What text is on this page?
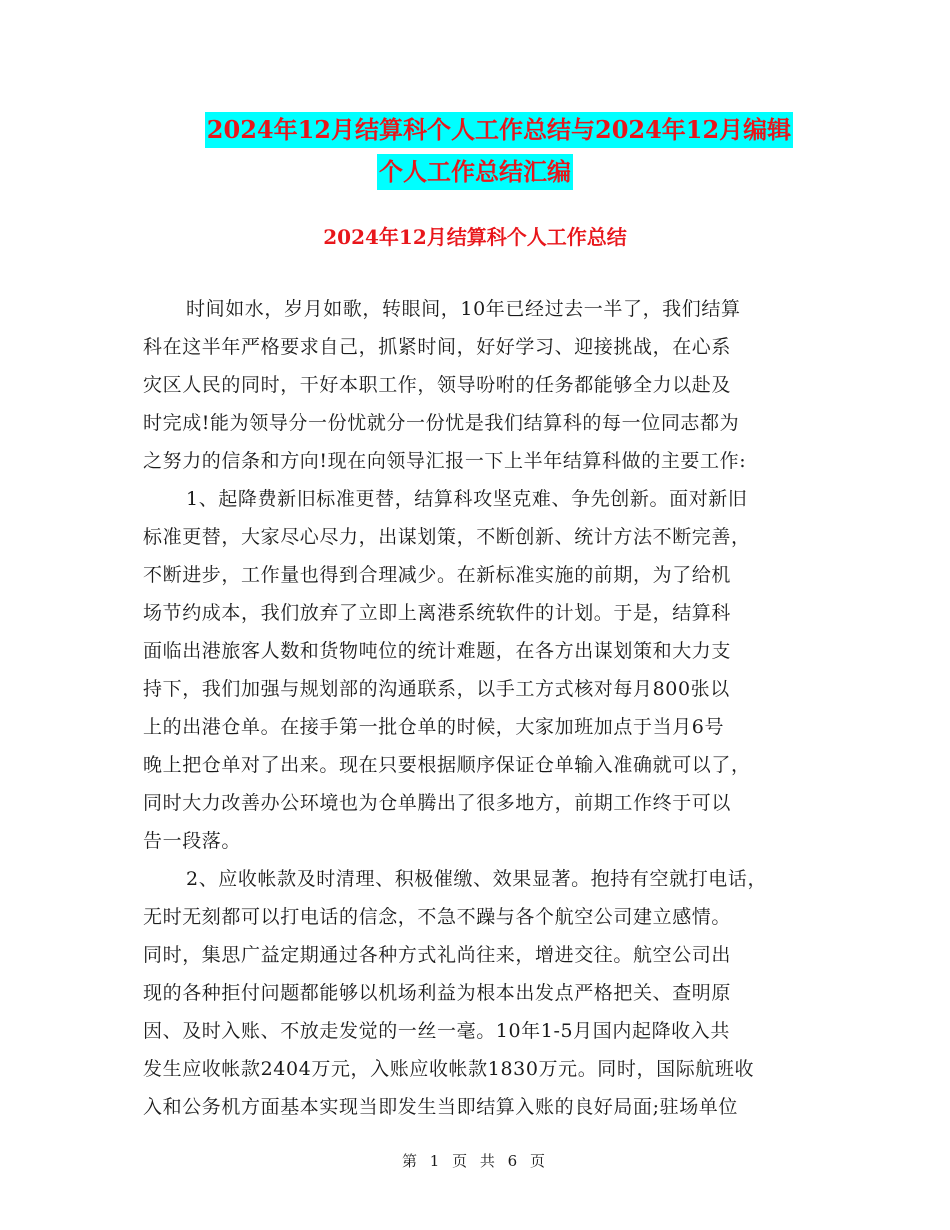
2024年12月结算科个人工作总结与2024年12月编辑
个人工作总结汇编
2024年12月结算科个人工作总结
时间如水，岁月如歌，转眼间，10年已经过去一半了，我们结算
科在这半年严格要求自己，抓紧时间，好好学习、迎接挑战，在心系
灾区人民的同时，干好本职工作，领导吩咐的任务都能够全力以赴及
时完成!能为领导分一份忧就分一份忧是我们结算科的每一位同志都为
之努力的信条和方向!现在向领导汇报一下上半年结算科做的主要工作:
1、起降费新旧标准更替，结算科攻坚克难、争先创新。面对新旧
标准更替，大家尽心尽力，出谋划策，不断创新、统计方法不断完善，
不断进步，工作量也得到合理减少。在新标准实施的前期，为了给机
场节约成本，我们放弃了立即上离港系统软件的计划。于是，结算科
面临出港旅客人数和货物吨位的统计难题，在各方出谋划策和大力支
持下，我们加强与规划部的沟通联系，以手工方式核对每月800张以
上的出港仓单。在接手第一批仓单的时候，大家加班加点于当月6号
晚上把仓单对了出来。现在只要根据顺序保证仓单输入准确就可以了，
同时大力改善办公环境也为仓单腾出了很多地方，前期工作终于可以
告一段落。
2、应收帐款及时清理、积极催缴、效果显著。抱持有空就打电话，
无时无刻都可以打电话的信念，不急不躁与各个航空公司建立感情。
同时，集思广益定期通过各种方式礼尚往来，增进交往。航空公司出
现的各种拒付问题都能够以机场利益为根本出发点严格把关、查明原
因、及时入账、不放走发觉的一丝一毫。10年1-5月国内起降收入共
发生应收帐款2404万元，入账应收帐款1830万元。同时，国际航班收
入和公务机方面基本实现当即发生当即结算入账的良好局面;驻场单位
第 1 页 共 6 页
